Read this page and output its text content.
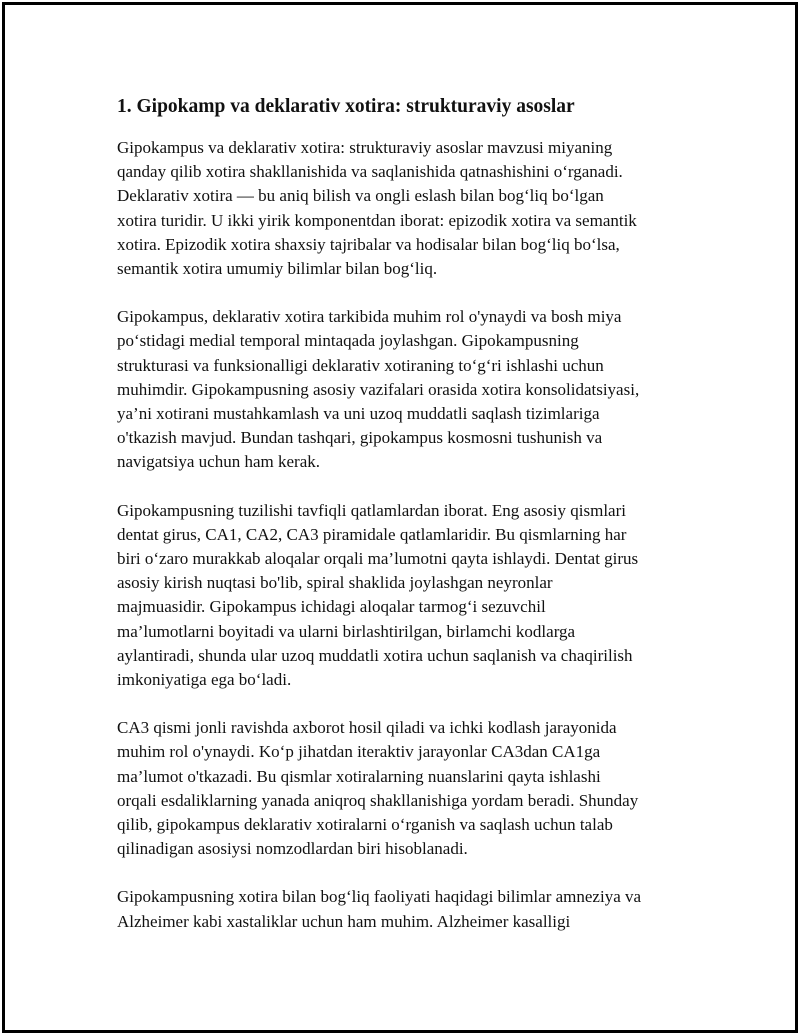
1. Gipokamp va deklarativ xotira: strukturaviy asoslar

Gipokampus va deklarativ xotira: strukturaviy asoslar mavzusi miyaning
qanday qilib xotira shakllanishida va saqlanishida qatnashishini o‘rganadi.
Deklarativ xotira — bu aniq bilish va ongli eslash bilan bog‘liq bo‘lgan
xotira turidir. U ikki yirik komponentdan iborat: epizodik xotira va semantik
xotira. Epizodik xotira shaxsiy tajribalar va hodisalar bilan bog‘liq bo‘lsa,
semantik xotira umumiy bilimlar bilan bog‘liq.

Gipokampus, deklarativ xotira tarkibida muhim rol o'ynaydi va bosh miya
po‘stidagi medial temporal mintaqada joylashgan. Gipokampusning
strukturasi va funksionalligi deklarativ xotiraning to‘g‘ri ishlashi uchun
muhimdir. Gipokampusning asosiy vazifalari orasida xotira konsolidatsiyasi,
ya’ni xotirani mustahkamlash va uni uzoq muddatli saqlash tizimlariga
o'tkazish mavjud. Bundan tashqari, gipokampus kosmosni tushunish va
navigatsiya uchun ham kerak.

Gipokampusning tuzilishi tavfiqli qatlamlardan iborat. Eng asosiy qismlari
dentat girus, CA1, CA2, CA3 piramidale qatlamlaridir. Bu qismlarning har
biri o‘zaro murakkab aloqalar orqali ma’lumotni qayta ishlaydi. Dentat girus
asosiy kirish nuqtasi bo'lib, spiral shaklida joylashgan neyronlar
majmuasidir. Gipokampus ichidagi aloqalar tarmog‘i sezuvchil
ma’lumotlarni boyitadi va ularni birlashtirilgan, birlamchi kodlarga
aylantiradi, shunda ular uzoq muddatli xotira uchun saqlanish va chaqirilish
imkoniyatiga ega bo‘ladi.

CA3 qismi jonli ravishda axborot hosil qiladi va ichki kodlash jarayonida
muhim rol o'ynaydi. Ko‘p jihatdan iteraktiv jarayonlar CA3dan CA1ga
ma’lumot o'tkazadi. Bu qismlar xotiralarning nuanslarini qayta ishlashi
orqali esdaliklarning yanada aniqroq shakllanishiga yordam beradi. Shunday
qilib, gipokampus deklarativ xotiralarni o‘rganish va saqlash uchun talab
qilinadigan asosiysi nomzodlardan biri hisoblanadi.

Gipokampusning xotira bilan bog‘liq faoliyati haqidagi bilimlar amneziya va
Alzheimer kabi xastaliklar uchun ham muhim. Alzheimer kasalligi
